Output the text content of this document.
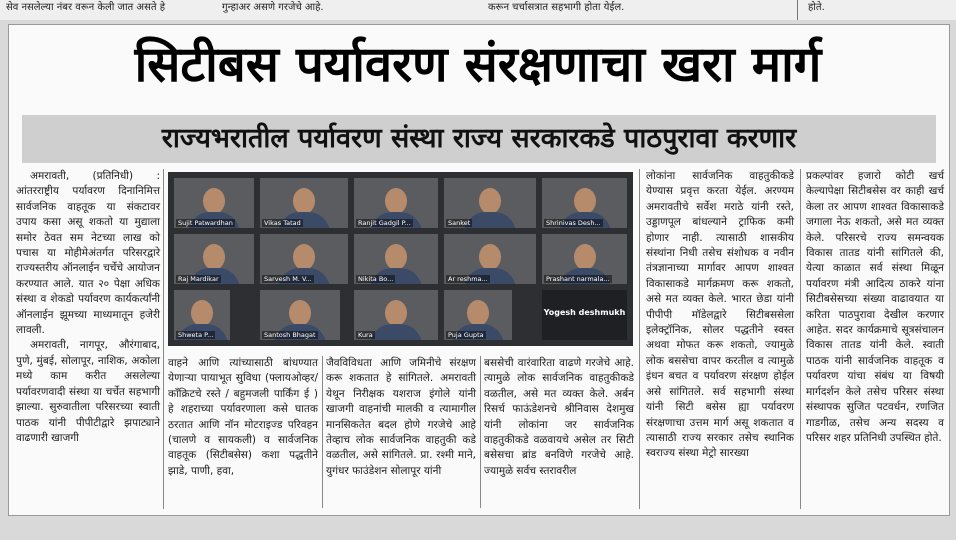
सेव नसलेल्या नंबर वरून केली जात असते हे	गुन्हाअर असणे गरजेचे आहे.	करून चर्चासत्रात सहभागी होता येईल.	होते.
सिटीबस पर्यावरण संरक्षणाचा खरा मार्ग
राज्यभरातील पर्यावरण संस्था राज्य सरकारकडे पाठपुरावा करणार

अमरावती, (प्रतिनिधी) : आंतरराष्ट्रीय पर्यावरण दिनानिमित्त सार्वजनिक वाहतूक या संकटावर उपाय कसा असू शकतो या मुद्याला समोर ठेवत सम नेटच्या लाख को पचास या मोहीमेअंतर्गत परिसरद्वारे राज्यस्तरीय ऑनलाईन चर्चेचे आयोजन करण्यात आले. यात २० पेक्षा अधिक संस्था व शेकडो पर्यावरण कार्यकर्त्यांनी ऑनलाईन झूमच्या माध्यमातून हजेरी लावली.

अमरावती, नागपूर, औरंगाबाद, पुणे, मुंबई, सोलापूर, नाशिक, अकोला मध्ये काम करीत असलेल्या पर्यावरणवादी संस्था या चर्चेत सहभागी झाल्या. सुरुवातीला परिसरच्या स्वाती पाठक यांनी पीपीटीद्वारे झपाट्याने वाढणारी खाजगी

Sujit Patwardhan	Vikas Tatad	Ranjit Gadgil P...	Sanket	Shrinivas Desh...
Raj Mardikar	Sarvesh M. V...	Nikita Bo...	Ar reshma...	Prashant narmala...
Shweta P...	Santosh Bhagat	Kura	Puja Gupta
Yogesh deshmukh

वाहने आणि त्यांच्यासाठी बांधण्यात येणाऱ्या पायाभूत सुविधा (फ्लायओव्हर/काँक्रिटचे रस्ते / बहुमजली पार्किंग ई ) हे शहराच्या पर्यावरणाला कसे घातक ठरतात आणि नॉन मोटराइज्ड परिवहन (चालणे व सायकली) व सार्वजनिक वाहतूक (सिटीबसेस) कशा पद्धतीने झाडे, पाणी, हवा,

जैवविविधता आणि जमिनीचे संरक्षण करू शकतात हे सांगितले. अमरावती येथून निरीक्षक यशराज इंगोले यांनी खाजगी वाहनांची मालकी व त्यामागील मानसिकतेत बदल होणे गरजेचे आहे तेव्हाच लोक सार्वजनिक वाहतुकी कडे वळतील, असे सांगितले. प्रा. रश्मी माने, युगंधर फाउंडेशन सोलापूर यांनी

बससेची वारंवारिता वाढणे गरजेचे आहे. त्यामुळे लोक सार्वजनिक वाहतुकीकडे वळतील, असे मत व्यक्त केले. अर्बन रिसर्च फाऊंडेशनचे श्रीनिवास देशमुख यांनी लोकांना जर सार्वजनिक वाहतुकीकडे वळवायचे असेल तर सिटी बसेसचा ब्रांड बनविणे गरजेचे आहे. ज्यामुळे सर्वच स्तरावरील

लोकांना सार्वजनिक वाहतुकीकडे येण्यास प्रवृत्त करता येईल. अरण्यम अमरावतीचे सर्वेश मराठे यांनी रस्ते, उड्डाणपूल बांधल्याने ट्राफिक कमी होणार नाही. त्यासाठी शासकीय संस्थांना निधी तसेच संशोधक व नवीन तंत्रज्ञानाच्या मार्गावर आपण शाश्वत विकासाकडे मार्गक्रमण करू शकतो, असे मत व्यक्त केले. भारत छेडा यांनी पीपीपी मॉडेलद्वारे सिटीबससेला इलेक्ट्रॉनिक, सोलर पद्धतीने स्वस्त अथवा मोफत करू शकतो, ज्यामुळे लोक बससेचा वापर करतील व त्यामुळे इंधन बचत व पर्यावरण संरक्षण होईल असे सांगितले. सर्व सहभागी संस्था यांनी सिटी बसेस ह्या पर्यावरण संरक्षणाचा उत्तम मार्ग असू शकतात व त्यासाठी राज्य सरकार तसेच स्थानिक स्वराज्य संस्था मेट्रो सारख्या

प्रकल्पांवर हजारो कोटी खर्च केल्यापेक्षा सिटीबसेस वर काही खर्च केला तर आपण शाश्वत विकासाकडे जगाला नेऊ शकतो, असे मत व्यक्त केले. परिसरचे राज्य समन्वयक विकास तातड यांनी सांगितले की, येत्या काळात सर्व संस्था मिळून पर्यावरण मंत्री आदित्य ठाकरे यांना सिटीबसेसच्या संख्या वाढावयात या करिता पाठपुरावा देखील करणार आहेत. सदर कार्यक्रमाचे सूत्रसंचालन विकास तातड यांनी केले. स्वाती पाठक यांनी सार्वजनिक वाहतूक व पर्यावरण यांचा संबंध या विषयी मार्गदर्शन केले तसेच परिसर संस्था संस्थापक सुजित पटवर्धन, रणजित गाडगीळ, तसेच अन्य सदस्य व परिसर शहर प्रतिनिधी उपस्थित होते.
